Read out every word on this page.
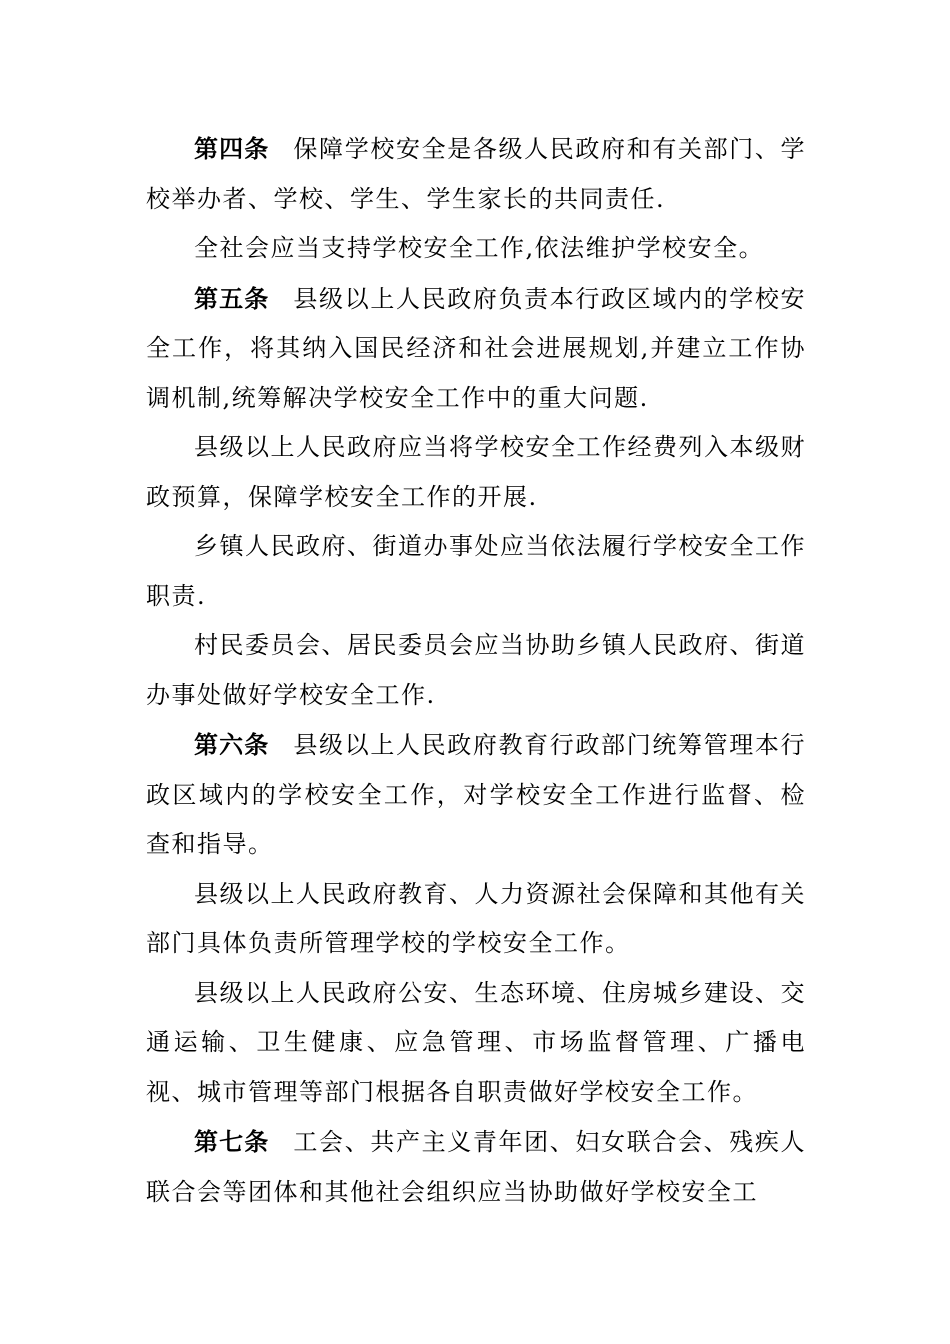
第四条 保障学校安全是各级人民政府和有关部门、学校举办者、学校、学生、学生家长的共同责任.

全社会应当支持学校安全工作,依法维护学校安全。

第五条 县级以上人民政府负责本行政区域内的学校安全工作，将其纳入国民经济和社会进展规划,并建立工作协调机制,统筹解决学校安全工作中的重大问题.

县级以上人民政府应当将学校安全工作经费列入本级财政预算，保障学校安全工作的开展.

乡镇人民政府、街道办事处应当依法履行学校安全工作职责.

村民委员会、居民委员会应当协助乡镇人民政府、街道办事处做好学校安全工作.

第六条 县级以上人民政府教育行政部门统筹管理本行政区域内的学校安全工作，对学校安全工作进行监督、检查和指导。

县级以上人民政府教育、人力资源社会保障和其他有关部门具体负责所管理学校的学校安全工作。

县级以上人民政府公安、生态环境、住房城乡建设、交通运输、卫生健康、应急管理、市场监督管理、广播电视、城市管理等部门根据各自职责做好学校安全工作。

第七条 工会、共产主义青年团、妇女联合会、残疾人联合会等团体和其他社会组织应当协助做好学校安全工
